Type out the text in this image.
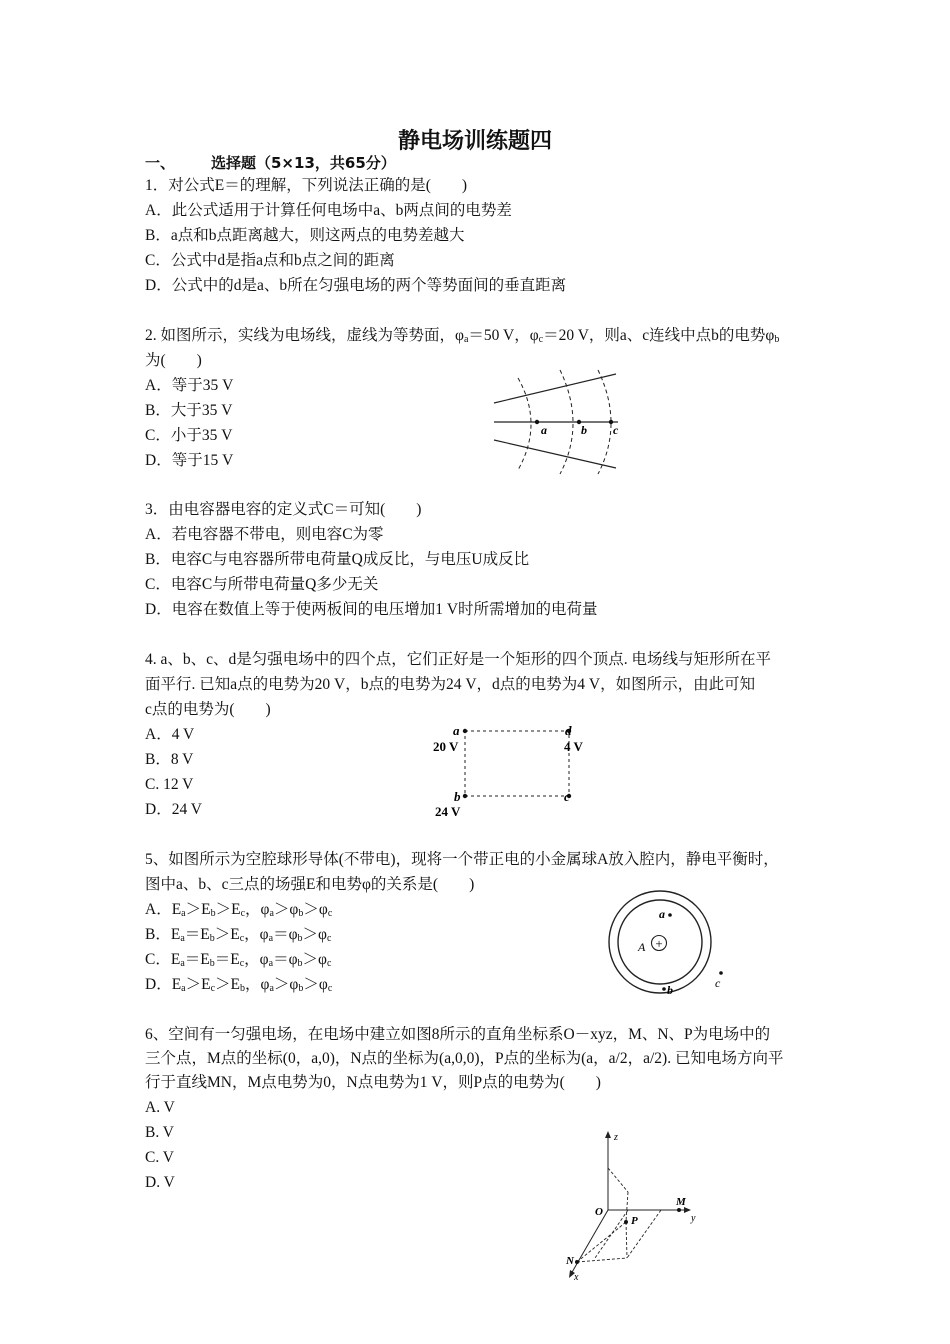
静电场训练题四
一、 选择题（5×13，共65分）
1．对公式E＝的理解，下列说法正确的是(　　)
A．此公式适用于计算任何电场中a、b两点间的电势差
B．a点和b点距离越大，则这两点的电势差越大
C．公式中d是指a点和b点之间的距离
D．公式中的d是a、b所在匀强电场的两个等势面间的垂直距离
2. 如图所示，实线为电场线，虚线为等势面，$\varphi_a=50$ V，$\varphi_c=20$ V，则a、c连线中点b的电势$\varphi_b$
为(　　)
A．等于35 V
B．大于35 V
C．小于35 V
D．等于15 V
a	b c
3．由电容器电容的定义式C＝可知(　　)
A．若电容器不带电，则电容C为零
B．电容C与电容器所带电荷量Q成反比，与电压U成反比
C．电容C与所带电荷量Q多少无关
D．电容在数值上等于使两板间的电压增加1 V时所需增加的电荷量
4. a、b、c、d是匀强电场中的四个点，它们正好是一个矩形的四个顶点. 电场线与矩形所在平
面平行. 已知a点的电势为20 V，b点的电势为24 V，d点的电势为4 V，如图所示，由此可知
c点的电势为(　　)
A．4 V
B．8 V
C. 12 V
D．24 V
a
20 V
d
4 V
b
24 V
c
5、如图所示为空腔球形导体(不带电)，现将一个带正电的小金属球A放入腔内，静电平衡时，
图中a、b、c三点的场强E和电势φ的关系是(　　)
A．$E_a>E_b>E_c$，$\varphi_a>\varphi_b>\varphi_c$
B．$E_a=E_b>E_c$，$\varphi_a=\varphi_b>\varphi_c$
C．$E_a=E_b=E_c$，$\varphi_a=\varphi_b>\varphi_c$
D．$E_a>E_c>E_b$，$\varphi_a>\varphi_b>\varphi_c$
+
A
a
b	c
6、空间有一匀强电场，在电场中建立如图8所示的直角坐标系O－xyz，M、N、P为电场中的
三个点，M点的坐标(0，a,0)，N点的坐标为(a,0,0)，P点的坐标为(a，a/2，a/2). 已知电场方向平
行于直线MN，M点电势为0，N点电势为1 V，则P点的电势为(　　)
A. V
B. V
C. V
D. V
z
y
x
M
P
N
O
